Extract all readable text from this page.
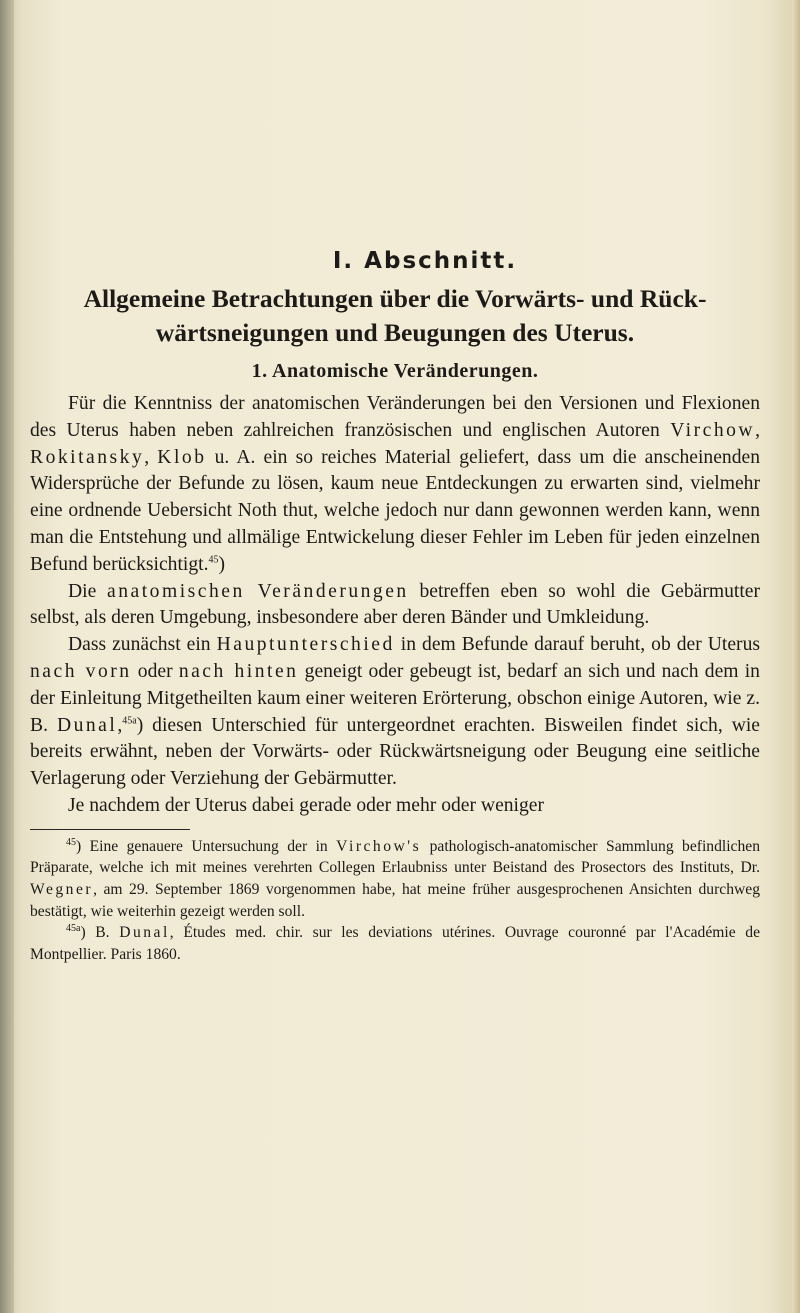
I. Abschnitt.
Allgemeine Betrachtungen über die Vorwärts- und Rück-
wärtsneigungen und Beugungen des Uterus.
1. Anatomische Veränderungen.

Für die Kenntniss der anatomischen Veränderungen bei den Versionen und Flexionen des Uterus haben neben zahlreichen französischen und englischen Autoren Virchow, Rokitansky, Klob u. A. ein so reiches Material geliefert, dass um die anscheinenden Widersprüche der Befunde zu lösen, kaum neue Entdeckungen zu erwarten sind, vielmehr eine ordnende Uebersicht Noth thut, welche jedoch nur dann gewonnen werden kann, wenn man die Entstehung und allmälige Entwickelung dieser Fehler im Leben für jeden einzelnen Befund berücksichtigt.$^{45}$)

Die anatomischen Veränderungen betreffen eben so wohl die Gebärmutter selbst, als deren Umgebung, insbesondere aber deren Bänder und Umkleidung.

Dass zunächst ein Hauptunterschied in dem Befunde darauf beruht, ob der Uterus nach vorn oder nach hinten geneigt oder gebeugt ist, bedarf an sich und nach dem in der Einleitung Mitgetheilten kaum einer weiteren Erörterung, obschon einige Autoren, wie z. B. Dunal,$^{45a}$) diesen Unterschied für untergeordnet erachten. Bisweilen findet sich, wie bereits erwähnt, neben der Vorwärts- oder Rückwärtsneigung oder Beugung eine seitliche Verlagerung oder Verziehung der Gebärmutter.

Je nachdem der Uterus dabei gerade oder mehr oder weniger

$^{45}$) Eine genauere Untersuchung der in Virchow's pathologisch-anatomischer Sammlung befindlichen Präparate, welche ich mit meines verehrten Collegen Erlaubniss unter Beistand des Prosectors des Instituts, Dr. Wegner, am 29. September 1869 vorgenommen habe, hat meine früher ausgesprochenen Ansichten durchweg bestätigt, wie weiterhin gezeigt werden soll.

$^{45a}$) B. Dunal, Études med. chir. sur les deviations utérines. Ouvrage couronné par l'Académie de Montpellier. Paris 1860.
